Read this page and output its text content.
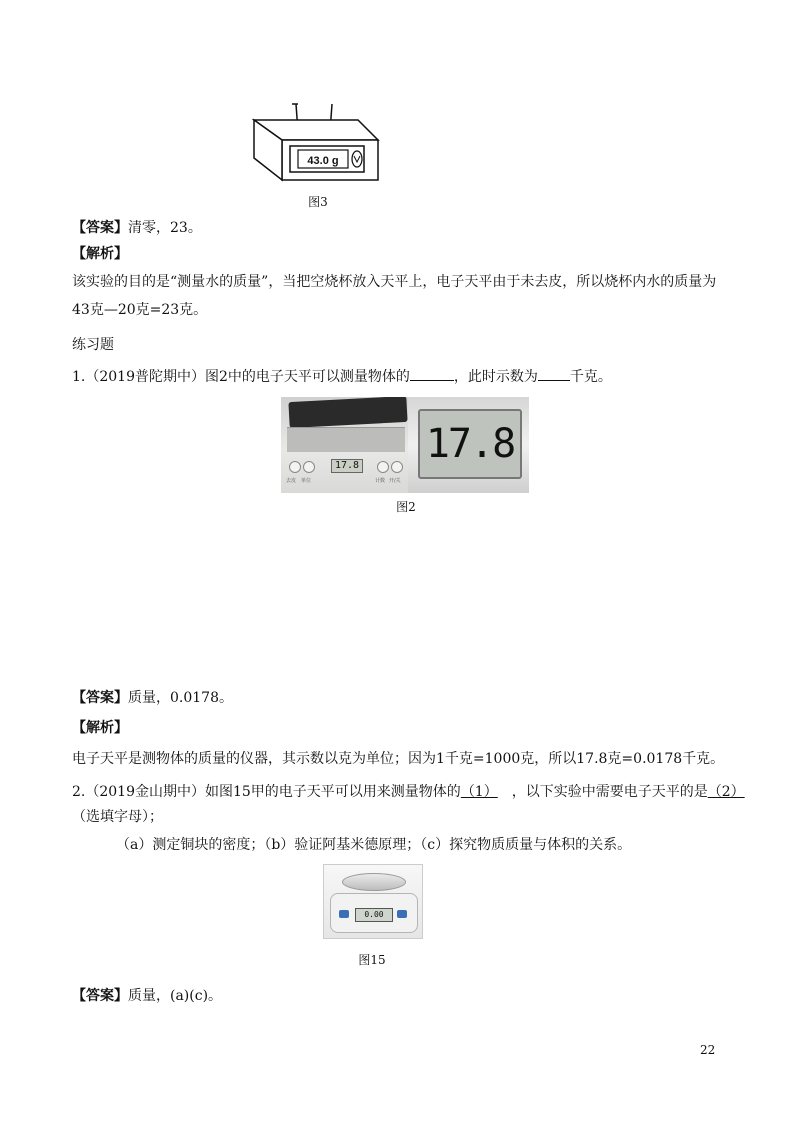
43.0 g
图3
【答案】清零，23。
【解析】
该实验的目的是“测量水的质量”，当把空烧杯放入天平上，电子天平由于未去皮，所以烧杯内水的质量为
43克—20克=23克。
练习题
1.（2019普陀期中）图2中的电子天平可以测量物体的	，此时示数为 千克。
17.8
去皮 单位	计数 开/关
17.8
图2
【答案】质量，0.0178。
【解析】
电子天平是测物体的质量的仪器，其示数以克为单位；因为1千克=1000克，所以17.8克=0.0178千克。
2.（2019金山期中）如图15甲的电子天平可以用来测量物体的（1） ，以下实验中需要电子天平的是（2）
（选填字母）；
（a）测定铜块的密度；（b）验证阿基米德原理；（c）探究物质质量与体积的关系。
0.00
图15
【答案】质量，(a)(c)。
22
